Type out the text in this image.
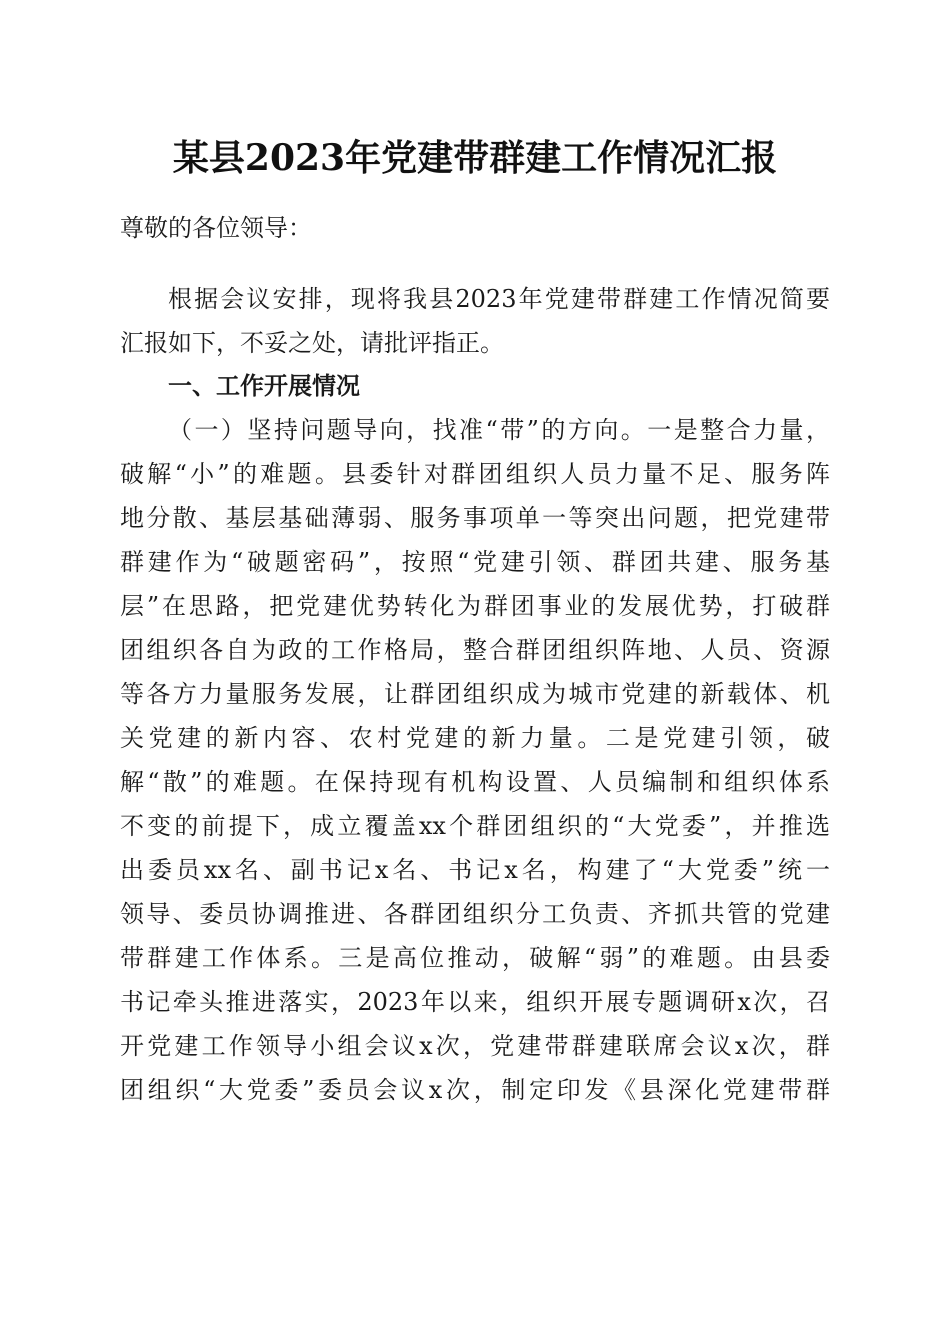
某县2023年党建带群建工作情况汇报
尊敬的各位领导：
根据会议安排，现将我县2023年党建带群建工作情况简要
汇报如下，不妥之处，请批评指正。
一、工作开展情况
（一）坚持问题导向，找准“带”的方向。一是整合力量，
破解“小”的难题。县委针对群团组织人员力量不足、服务阵
地分散、基层基础薄弱、服务事项单一等突出问题，把党建带
群建作为“破题密码”，按照“党建引领、群团共建、服务基
层”在思路，把党建优势转化为群团事业的发展优势，打破群
团组织各自为政的工作格局，整合群团组织阵地、人员、资源
等各方力量服务发展，让群团组织成为城市党建的新载体、机
关党建的新内容、农村党建的新力量。二是党建引领，破
解“散”的难题。在保持现有机构设置、人员编制和组织体系
不变的前提下，成立覆盖xx个群团组织的“大党委”，并推选
出委员xx名、副书记x名、书记x名，构建了“大党委”统一
领导、委员协调推进、各群团组织分工负责、齐抓共管的党建
带群建工作体系。三是高位推动，破解“弱”的难题。由县委
书记牵头推进落实，2023年以来，组织开展专题调研x次，召
开党建工作领导小组会议x次，党建带群建联席会议x次，群
团组织“大党委”委员会议x次，制定印发《县深化党建带群
